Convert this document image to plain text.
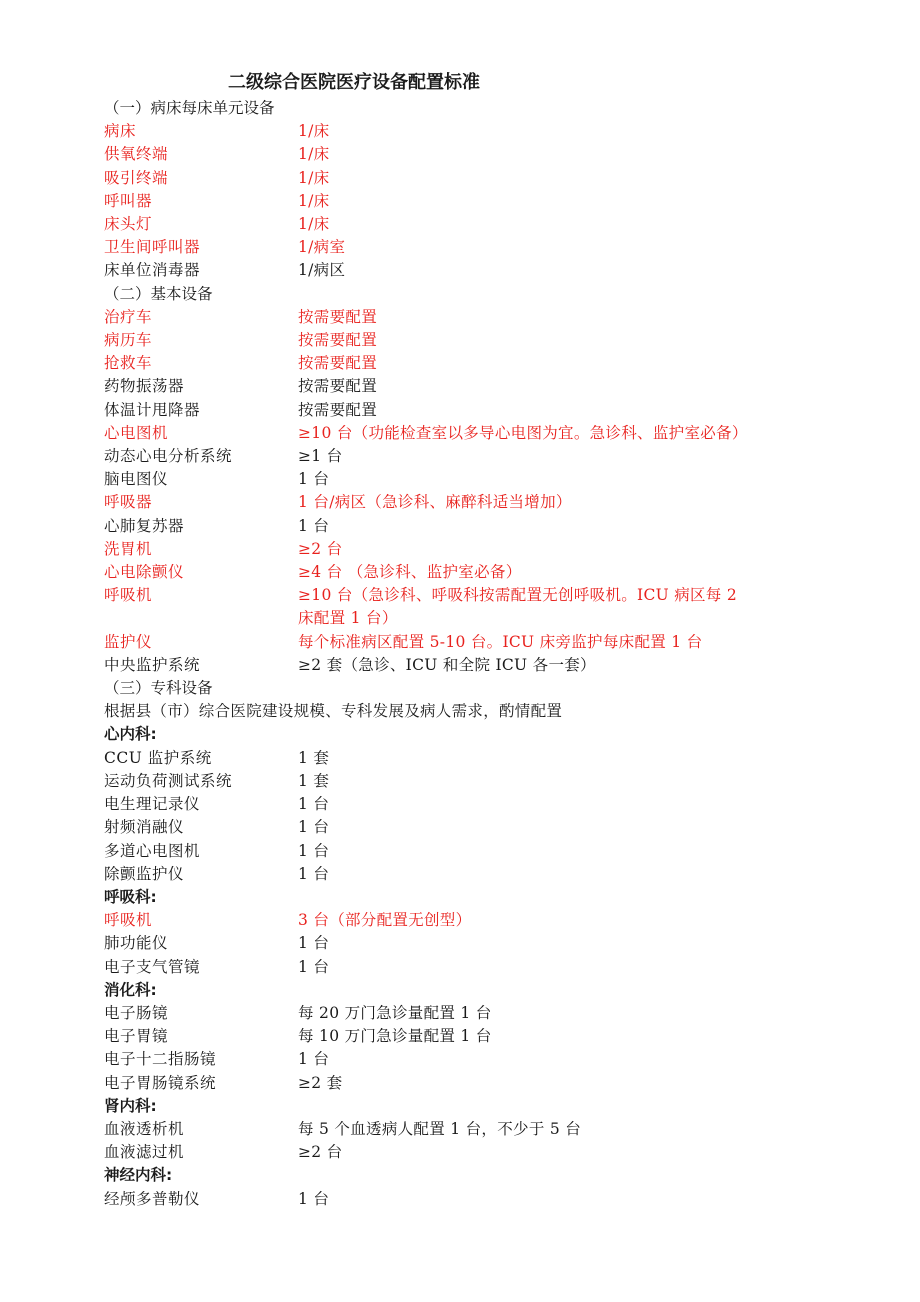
二级综合医院医疗设备配置标准
（一）病床每床单元设备
病床	1/床
供氧终端	1/床
吸引终端	1/床
呼叫器	1/床
床头灯	1/床
卫生间呼叫器	1/病室
床单位消毒器	1/病区
（二）基本设备
治疗车	按需要配置
病历车	按需要配置
抢救车	按需要配置
药物振荡器	按需要配置
体温计甩降器	按需要配置
心电图机	≥10 台（功能检查室以多导心电图为宜。急诊科、监护室必备）
动态心电分析系统	≥1 台
脑电图仪	1 台
呼吸器	1 台/病区（急诊科、麻醉科适当增加）
心肺复苏器	1 台
洗胃机	≥2 台
心电除颤仪	≥4 台 （急诊科、监护室必备）
呼吸机	≥10 台（急诊科、呼吸科按需配置无创呼吸机。ICU 病区每 2 床配置 1 台）
监护仪	每个标准病区配置 5-10 台。ICU 床旁监护每床配置 1 台
中央监护系统	≥2 套（急诊、ICU 和全院 ICU 各一套）
（三）专科设备
根据县（市）综合医院建设规模、专科发展及病人需求，酌情配置
心内科:
CCU 监护系统	1 套
运动负荷测试系统	1 套
电生理记录仪	1 台
射频消融仪	1 台
多道心电图机	1 台
除颤监护仪	1 台
呼吸科:
呼吸机	3 台（部分配置无创型）
肺功能仪	1 台
电子支气管镜	1 台
消化科:
电子肠镜	每 20 万门急诊量配置 1 台
电子胃镜	每 10 万门急诊量配置 1 台
电子十二指肠镜	1 台
电子胃肠镜系统	≥2 套
肾内科:
血液透析机	每 5 个血透病人配置 1 台，不少于 5 台
血液滤过机	≥2 台
神经内科:
经颅多普勒仪	1 台
